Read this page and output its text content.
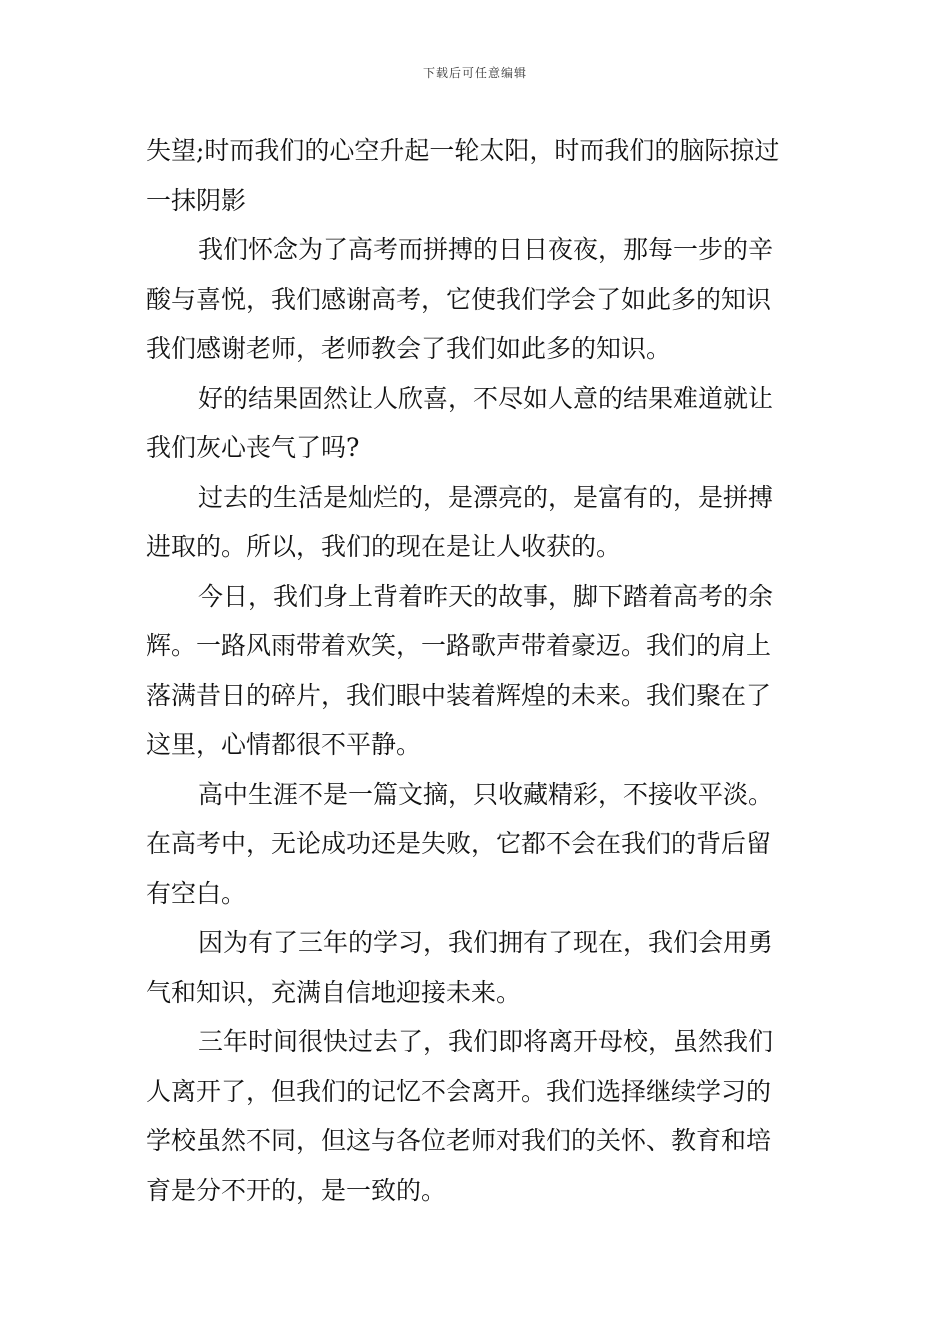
下载后可任意编辑
失望;时而我们的心空升起一轮太阳，时而我们的脑际掠过
一抹阴影
我们怀念为了高考而拼搏的日日夜夜，那每一步的辛
酸与喜悦，我们感谢高考，它使我们学会了如此多的知识
我们感谢老师，老师教会了我们如此多的知识。
好的结果固然让人欣喜，不尽如人意的结果难道就让
我们灰心丧气了吗?
过去的生活是灿烂的，是漂亮的，是富有的，是拼搏
进取的。所以，我们的现在是让人收获的。
今日，我们身上背着昨天的故事，脚下踏着高考的余
辉。一路风雨带着欢笑，一路歌声带着豪迈。我们的肩上
落满昔日的碎片，我们眼中装着辉煌的未来。我们聚在了
这里，心情都很不平静。
高中生涯不是一篇文摘，只收藏精彩，不接收平淡。
在高考中，无论成功还是失败，它都不会在我们的背后留
有空白。
因为有了三年的学习，我们拥有了现在，我们会用勇
气和知识，充满自信地迎接未来。
三年时间很快过去了，我们即将离开母校，虽然我们
人离开了，但我们的记忆不会离开。我们选择继续学习的
学校虽然不同，但这与各位老师对我们的关怀、教育和培
育是分不开的，是一致的。
